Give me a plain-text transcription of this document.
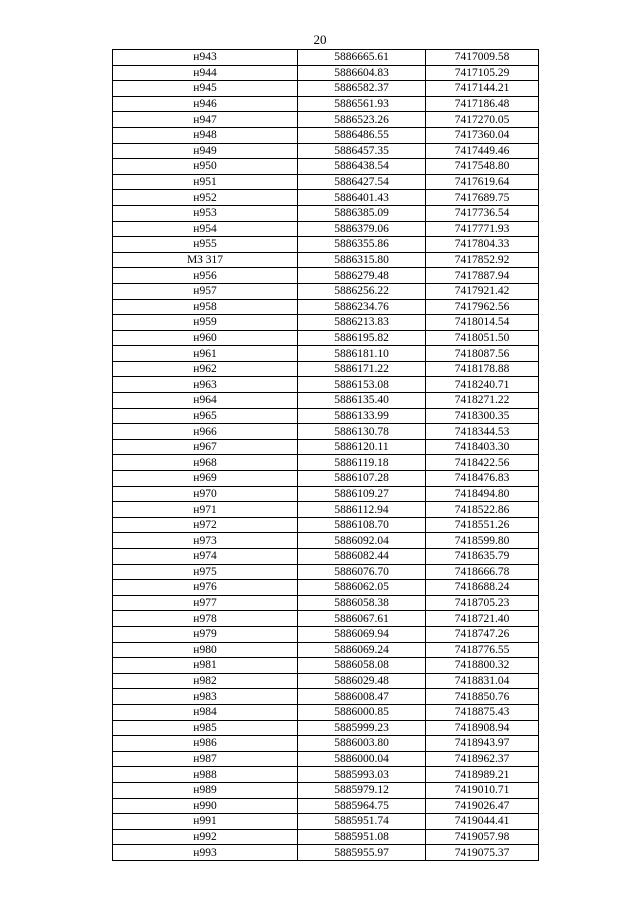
20
н943	5886665.61	7417009.58
н944	5886604.83	7417105.29
н945	5886582.37	7417144.21
н946	5886561.93	7417186.48
н947	5886523.26	7417270.05
н948	5886486.55	7417360.04
н949	5886457.35	7417449.46
н950	5886438.54	7417548.80
н951	5886427.54	7417619.64
н952	5886401.43	7417689.75
н953	5886385.09	7417736.54
н954	5886379.06	7417771.93
н955	5886355.86	7417804.33
МЗ 317	5886315.80	7417852.92
н956	5886279.48	7417887.94
н957	5886256.22	7417921.42
н958	5886234.76	7417962.56
н959	5886213.83	7418014.54
н960	5886195.82	7418051.50
н961	5886181.10	7418087.56
н962	5886171.22	7418178.88
н963	5886153.08	7418240.71
н964	5886135.40	7418271.22
н965	5886133.99	7418300.35
н966	5886130.78	7418344.53
н967	5886120.11	7418403.30
н968	5886119.18	7418422.56
н969	5886107.28	7418476.83
н970	5886109.27	7418494.80
н971	5886112.94	7418522.86
н972	5886108.70	7418551.26
н973	5886092.04	7418599.80
н974	5886082.44	7418635.79
н975	5886076.70	7418666.78
н976	5886062.05	7418688.24
н977	5886058.38	7418705.23
н978	5886067.61	7418721.40
н979	5886069.94	7418747.26
н980	5886069.24	7418776.55
н981	5886058.08	7418800.32
н982	5886029.48	7418831.04
н983	5886008.47	7418850.76
н984	5886000.85	7418875.43
н985	5885999.23	7418908.94
н986	5886003.80	7418943.97
н987	5886000.04	7418962.37
н988	5885993.03	7418989.21
н989	5885979.12	7419010.71
н990	5885964.75	7419026.47
н991	5885951.74	7419044.41
н992	5885951.08	7419057.98
н993	5885955.97	7419075.37
